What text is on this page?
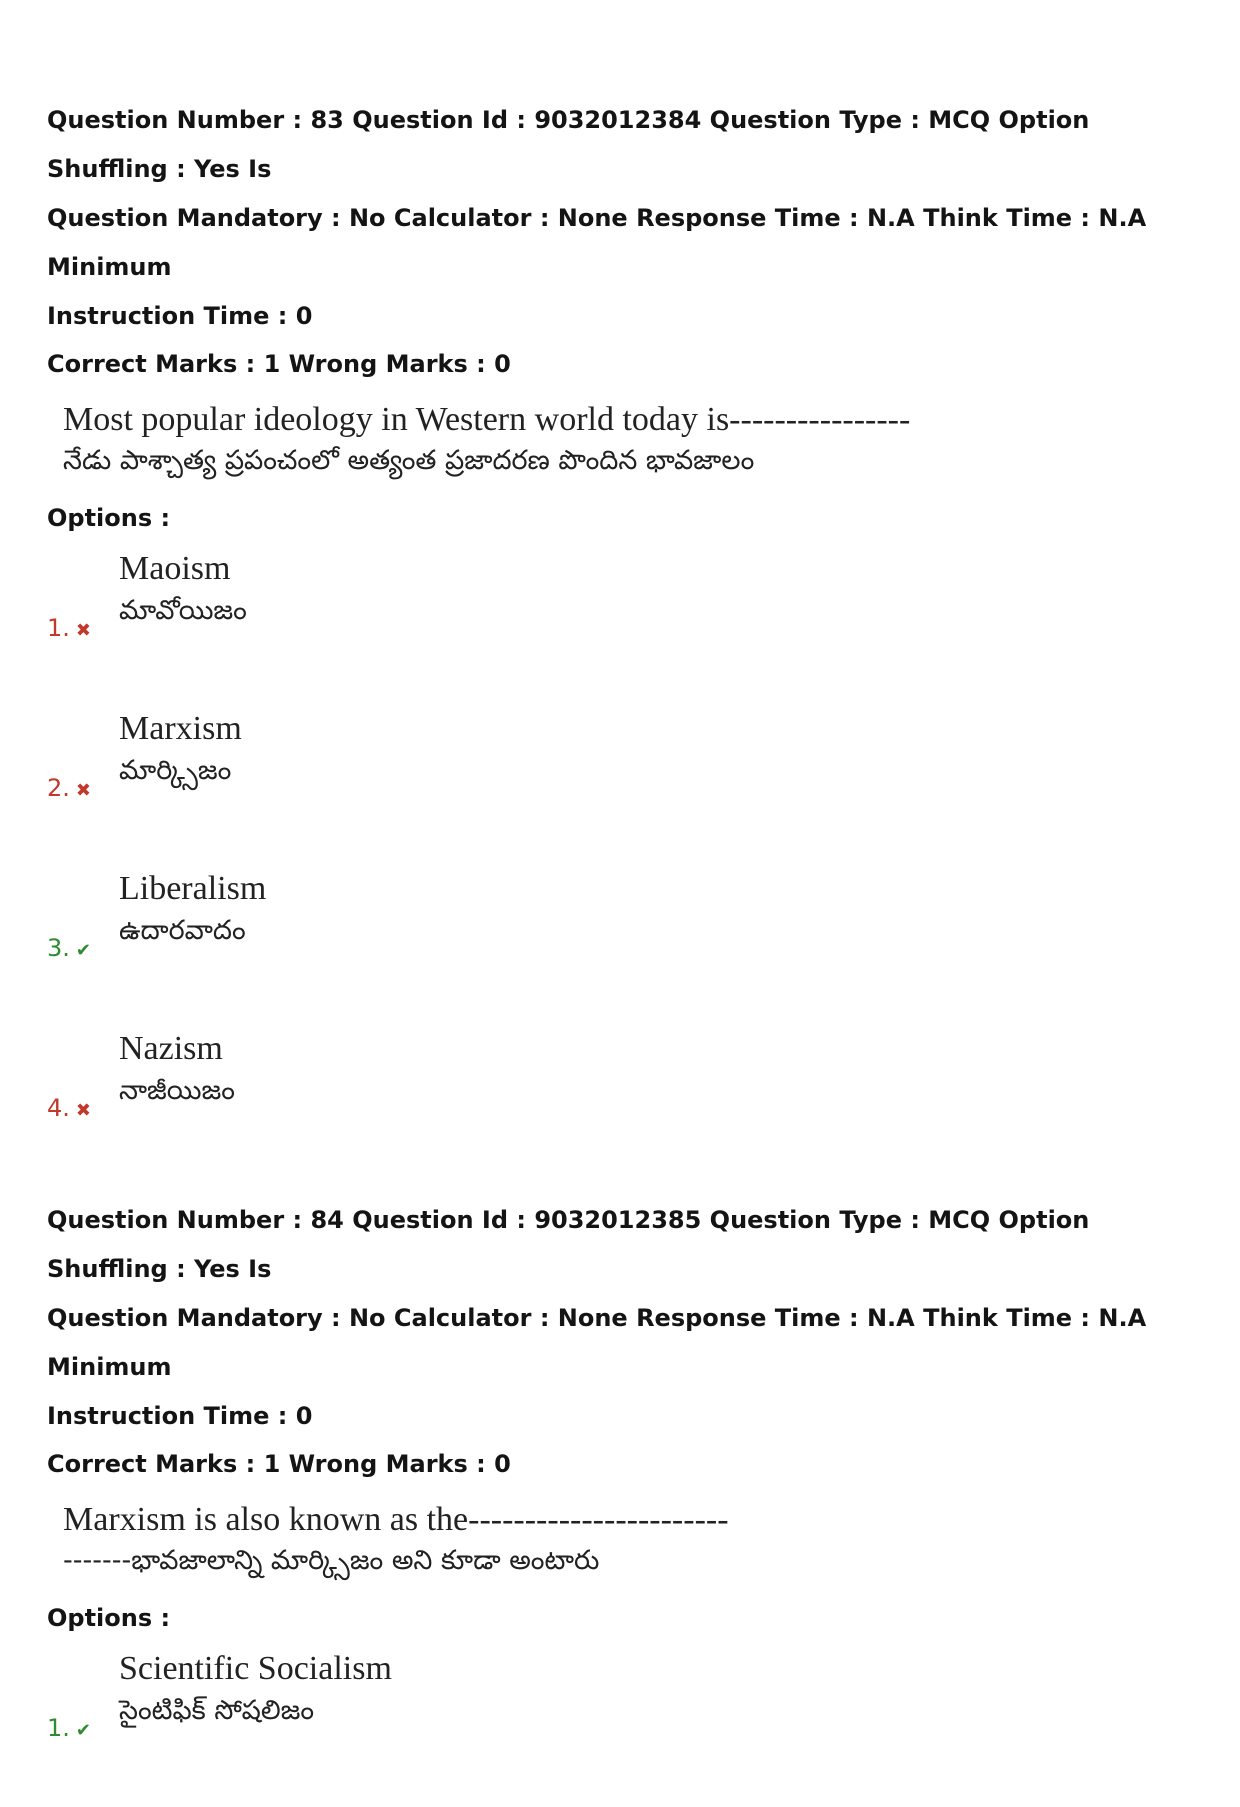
Question Number : 83 Question Id : 9032012384 Question Type : MCQ Option Shuffling : Yes Is

Question Mandatory : No Calculator : None Response Time : N.A Think Time : N.A Minimum

Instruction Time : 0

Correct Marks : 1 Wrong Marks : 0
Most popular ideology in Western world today is----------------
నేడు పాశ్చాత్య ప్రపంచంలో అత్యంత ప్రజాదరణ పొందిన భావజాలం
Options :
1. ✖
Maoism
మావోయిజం
2. ✖
Marxism
మార్క్సిజం
3. ✔
Liberalism
ఉదారవాదం
4. ✖
Nazism
నాజీయిజం

Question Number : 84 Question Id : 9032012385 Question Type : MCQ Option Shuffling : Yes Is

Question Mandatory : No Calculator : None Response Time : N.A Think Time : N.A Minimum

Instruction Time : 0

Correct Marks : 1 Wrong Marks : 0
Marxism is also known as the-----------------------
-------భావజాలాన్ని మార్క్సిజం అని కూడా అంటారు
Options :
1. ✔
Scientific Socialism
సైంటిఫిక్ సోషలిజం
